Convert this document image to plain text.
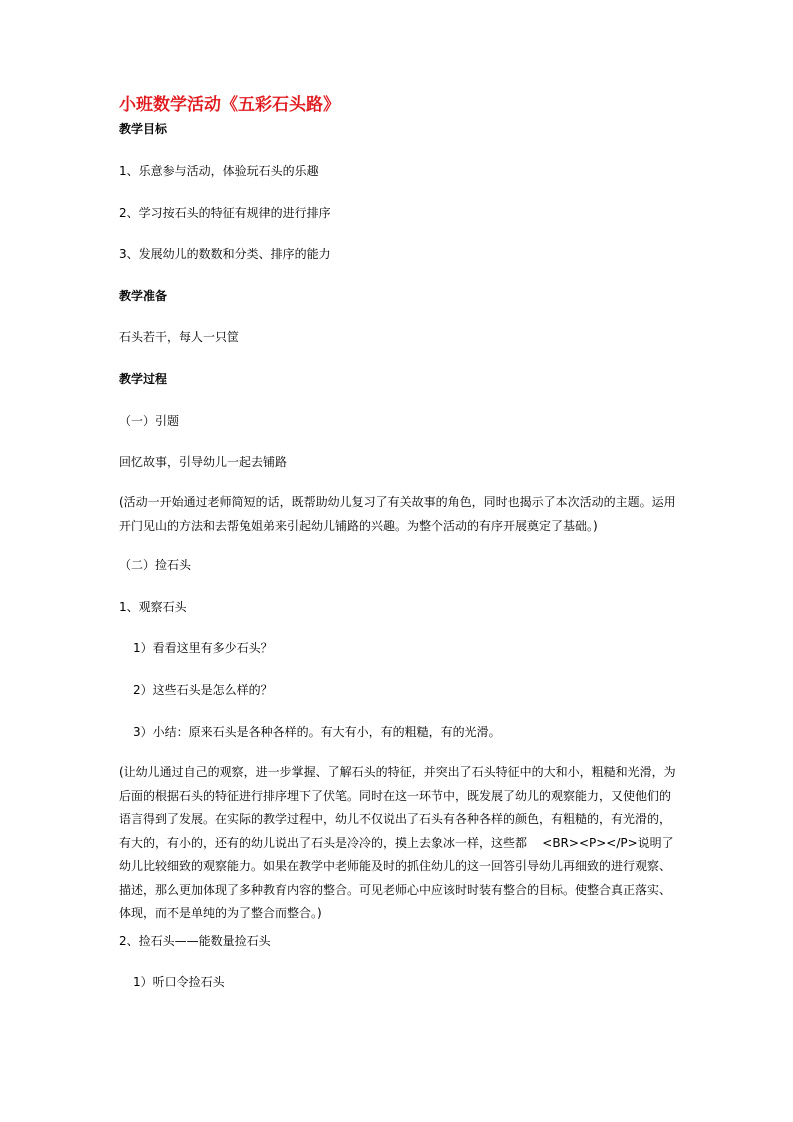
小班数学活动《五彩石头路》
教学目标
1、乐意参与活动，体验玩石头的乐趣
2、学习按石头的特征有规律的进行排序
3、发展幼儿的数数和分类、排序的能力
教学准备
石头若干，每人一只筐
教学过程
（一）引题
回忆故事，引导幼儿一起去铺路
(活动一开始通过老师简短的话，既帮助幼儿复习了有关故事的角色，同时也揭示了本次活动的主题。运用
开门见山的方法和去帮兔姐弟来引起幼儿铺路的兴趣。为整个活动的有序开展奠定了基础。)
（二）捡石头
1、观察石头
1）看看这里有多少石头？
2）这些石头是怎么样的？
3）小结：原来石头是各种各样的。有大有小，有的粗糙，有的光滑。
(让幼儿通过自己的观察，进一步掌握、了解石头的特征，并突出了石头特征中的大和小，粗糙和光滑，为
后面的根据石头的特征进行排序埋下了伏笔。同时在这一环节中，既发展了幼儿的观察能力，又使他们的
语言得到了发展。在实际的教学过程中，幼儿不仅说出了石头有各种各样的颜色，有粗糙的，有光滑的，
有大的，有小的，还有的幼儿说出了石头是冷冷的，摸上去象冰一样，这些都    <BR><P></P>说明了
幼儿比较细致的观察能力。如果在教学中老师能及时的抓住幼儿的这一回答引导幼儿再细致的进行观察、
描述，那么更加体现了多种教育内容的整合。可见老师心中应该时时装有整合的目标。使整合真正落实、
体现，而不是单纯的为了整合而整合。)
2、捡石头——能数量捡石头
1）听口令捡石头
